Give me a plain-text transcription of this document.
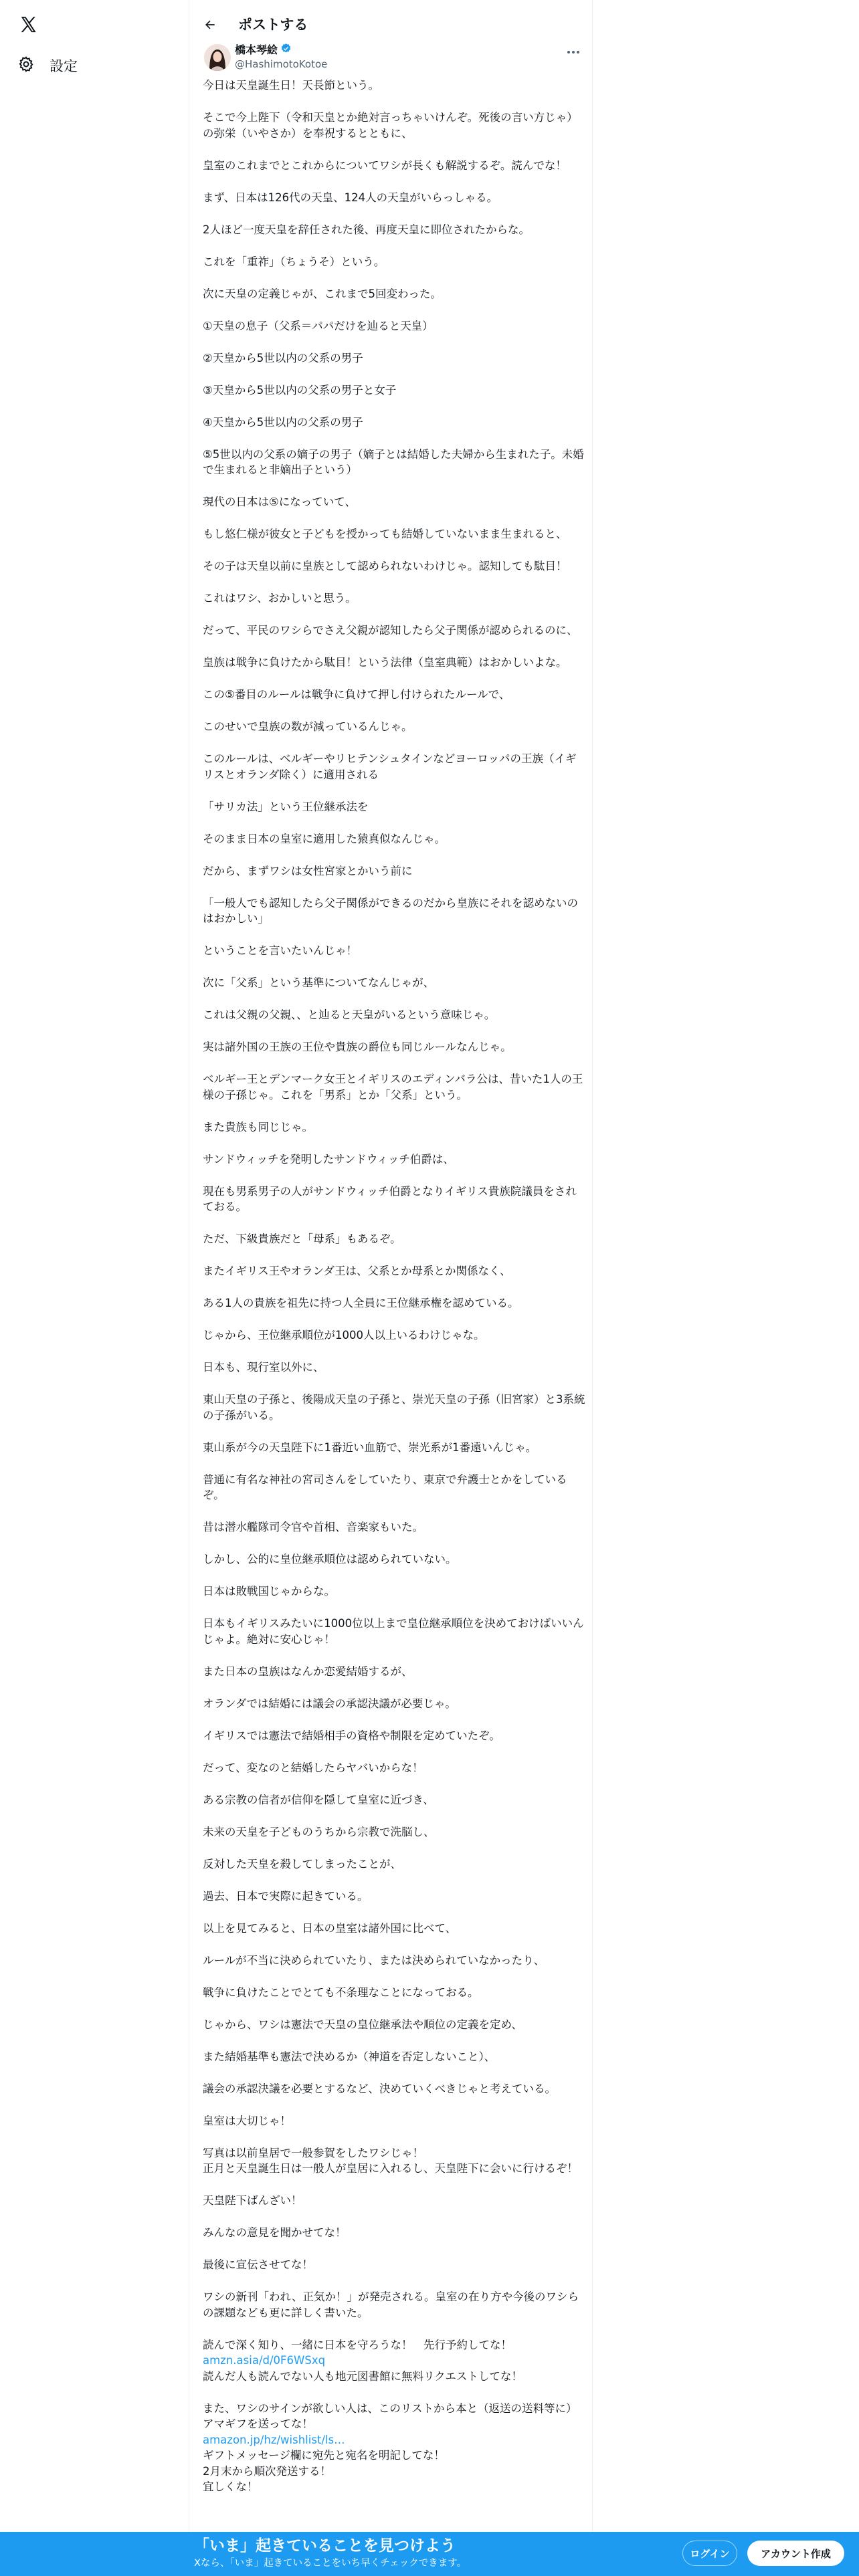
設定
ポストする
橋本琴絵
@HashimotoKotoe

今日は天皇誕生日！天長節という。

そこで今上陛下（令和天皇とか絶対言っちゃいけんぞ。死後の言い方じゃ）の弥栄（いやさか）を奉祝するとともに、

皇室のこれまでとこれからについてワシが長くも解説するぞ。読んでな！

まず、日本は126代の天皇、124人の天皇がいらっしゃる。

2人ほど一度天皇を辞任された後、再度天皇に即位されたからな。

これを「重祚」（ちょうそ）という。

次に天皇の定義じゃが、これまで5回変わった。

①天皇の息子（父系＝パパだけを辿ると天皇）

②天皇から5世以内の父系の男子

③天皇から5世以内の父系の男子と女子

④天皇から5世以内の父系の男子

⑤5世以内の父系の嫡子の男子（嫡子とは結婚した夫婦から生まれた子。未婚で生まれると非嫡出子という）

現代の日本は⑤になっていて、

もし悠仁様が彼女と子どもを授かっても結婚していないまま生まれると、

その子は天皇以前に皇族として認められないわけじゃ。認知しても駄目！

これはワシ、おかしいと思う。

だって、平民のワシらでさえ父親が認知したら父子関係が認められるのに、

皇族は戦争に負けたから駄目！という法律（皇室典範）はおかしいよな。

この⑤番目のルールは戦争に負けて押し付けられたルールで、

このせいで皇族の数が減っているんじゃ。

このルールは、ベルギーやリヒテンシュタインなどヨーロッパの王族（イギリスとオランダ除く）に適用される

「サリカ法」という王位継承法を

そのまま日本の皇室に適用した猿真似なんじゃ。

だから、まずワシは女性宮家とかいう前に

「一般人でも認知したら父子関係ができるのだから皇族にそれを認めないのはおかしい」

ということを言いたいんじゃ！

次に「父系」という基準についてなんじゃが、

これは父親の父親、、と辿ると天皇がいるという意味じゃ。

実は諸外国の王族の王位や貴族の爵位も同じルールなんじゃ。

ベルギー王とデンマーク女王とイギリスのエディンバラ公は、昔いた1人の王様の子孫じゃ。これを「男系」とか「父系」という。

また貴族も同じじゃ。

サンドウィッチを発明したサンドウィッチ伯爵は、

現在も男系男子の人がサンドウィッチ伯爵となりイギリス貴族院議員をされておる。

ただ、下級貴族だと「母系」もあるぞ。

またイギリス王やオランダ王は、父系とか母系とか関係なく、

ある1人の貴族を祖先に持つ人全員に王位継承権を認めている。

じゃから、王位継承順位が1000人以上いるわけじゃな。

日本も、現行室以外に、

東山天皇の子孫と、後陽成天皇の子孫と、崇光天皇の子孫（旧宮家）と3系統の子孫がいる。

東山系が今の天皇陛下に1番近い血筋で、崇光系が1番遠いんじゃ。

普通に有名な神社の宮司さんをしていたり、東京で弁護士とかをしているぞ。

昔は潜水艦隊司令官や首相、音楽家もいた。

しかし、公的に皇位継承順位は認められていない。

日本は敗戦国じゃからな。

日本もイギリスみたいに1000位以上まで皇位継承順位を決めておけばいいんじゃよ。絶対に安心じゃ！

また日本の皇族はなんか恋愛結婚するが、

オランダでは結婚には議会の承認決議が必要じゃ。

イギリスでは憲法で結婚相手の資格や制限を定めていたぞ。

だって、変なのと結婚したらヤバいからな！

ある宗教の信者が信仰を隠して皇室に近づき、

未来の天皇を子どものうちから宗教で洗脳し、

反対した天皇を殺してしまったことが、

過去、日本で実際に起きている。

以上を見てみると、日本の皇室は諸外国に比べて、

ルールが不当に決められていたり、または決められていなかったり、

戦争に負けたことでとても不条理なことになっておる。

じゃから、ワシは憲法で天皇の皇位継承法や順位の定義を定め、

また結婚基準も憲法で決めるか（神道を否定しないこと）、

議会の承認決議を必要とするなど、決めていくべきじゃと考えている。

皇室は大切じゃ！

写真は以前皇居で一般参賀をしたワシじゃ！
正月と天皇誕生日は一般人が皇居に入れるし、天皇陛下に会いに行けるぞ！

天皇陛下ばんざい！

みんなの意見を聞かせてな！

最後に宣伝させてな！

ワシの新刊「われ、正気か！」が発売される。皇室の在り方や今後のワシらの課題なども更に詳しく書いた。

読んで深く知り、一緒に日本を守ろうな！　先行予約してな！
amzn.asia/d/0F6WSxq
読んだ人も読んでない人も地元図書館に無料リクエストしてな！

また、ワシのサインが欲しい人は、このリストから本と（返送の送料等に）アマギフを送ってな！
amazon.jp/hz/wishlist/ls…
ギフトメッセージ欄に宛先と宛名を明記してな！
2月末から順次発送する！
宜しくな！

「いま」起きていることを見つけよう
Xなら、「いま」起きていることをいち早くチェックできます。
ログイン	アカウント作成
